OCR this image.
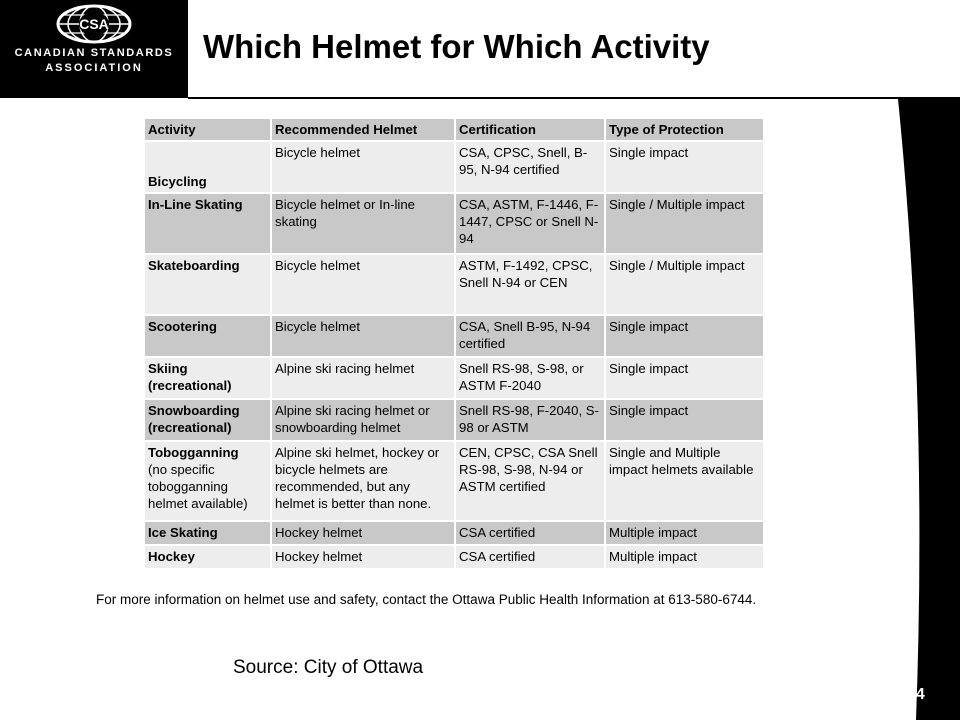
CSA
CANADIAN STANDARDS
ASSOCIATION
Which Helmet for Which Activity
Activity	Recommended Helmet	Certification	Type of Protection
Bicycling	Bicycle helmet	CSA, CPSC, Snell, B-95, N-94 certified	Single impact
In-Line Skating	Bicycle helmet or In-line skating	CSA, ASTM, F-1446, F-1447, CPSC or Snell N-94	Single / Multiple impact
Skateboarding	Bicycle helmet	ASTM, F-1492, CPSC, Snell N-94 or CEN	Single / Multiple impact
Scootering	Bicycle helmet	CSA, Snell B-95, N-94 certified	Single impact
Skiing (recreational)	Alpine ski racing helmet	Snell RS-98, S-98, or ASTM F-2040	Single impact
Snowboarding (recreational)	Alpine ski racing helmet or snowboarding helmet	Snell RS-98, F-2040, S-98 or ASTM	Single impact
Tobogganning
(no specific tobogganning helmet available)	Alpine ski helmet, hockey or bicycle helmets are recommended, but any helmet is better than none.	CEN, CPSC, CSA Snell RS-98, S-98, N-94 or ASTM certified	Single and Multiple impact helmets available
Ice Skating	Hockey helmet	CSA certified	Multiple impact
Hockey	Hockey helmet	CSA certified	Multiple impact
For more information on helmet use and safety, contact the Ottawa Public Health Information at 613-580-6744.
Source: City of Ottawa
24
